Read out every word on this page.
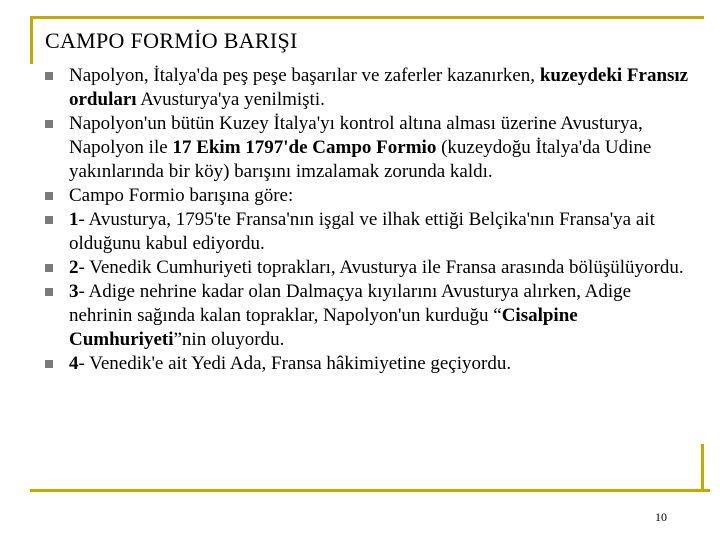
CAMPO FORMİO BARIŞI

Napolyon, İtalya'da peş peşe başarılar ve zaferler kazanırken, kuzeydeki Fransız orduları Avusturya'ya yenilmişti.

Napolyon'un bütün Kuzey İtalya'yı kontrol altına alması üzerine Avusturya, Napolyon ile 17 Ekim 1797'de Campo Formio (kuzeydoğu İtalya'da Udine yakınlarında bir köy) barışını imzalamak zorunda kaldı.

Campo Formio barışına göre:

1- Avusturya, 1795'te Fransa'nın işgal ve ilhak ettiği Belçika'nın Fransa'ya ait olduğunu kabul ediyordu.

2- Venedik Cumhuriyeti toprakları, Avusturya ile Fransa arasında bölüşülüyordu.

3- Adige nehrine kadar olan Dalmaçya kıyılarını Avusturya alırken, Adige nehrinin sağında kalan topraklar, Napolyon'un kurduğu “Cisalpine Cumhuriyeti”nin oluyordu.

4- Venedik'e ait Yedi Ada, Fransa hâkimiyetine geçiyordu.

10
